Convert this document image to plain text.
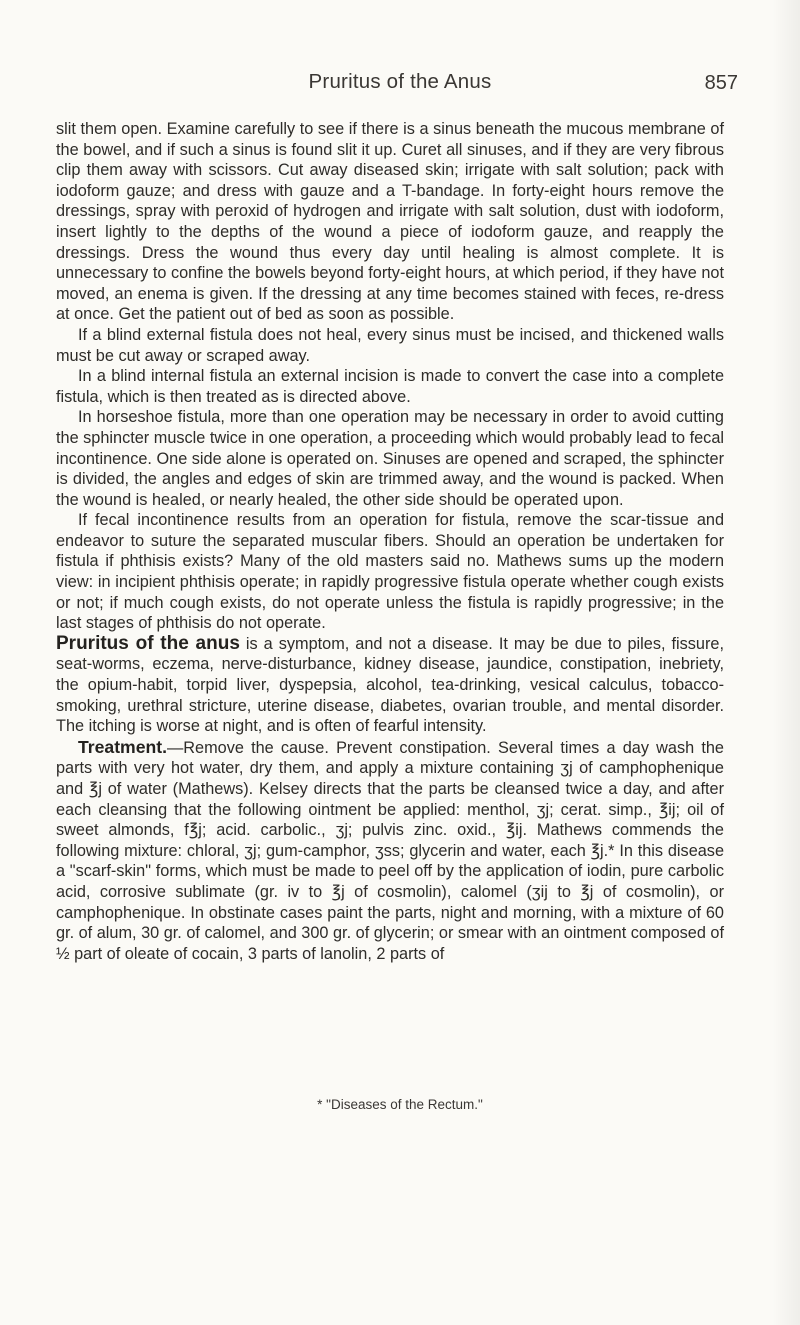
Pruritus of the Anus	857

slit them open. Examine carefully to see if there is a sinus beneath the mucous membrane of the bowel, and if such a sinus is found slit it up. Curet all sinuses, and if they are very fibrous clip them away with scissors. Cut away diseased skin; irrigate with salt solution; pack with iodoform gauze; and dress with gauze and a T-bandage. In forty-eight hours remove the dressings, spray with peroxid of hydrogen and irrigate with salt solution, dust with iodoform, insert lightly to the depths of the wound a piece of iodoform gauze, and reapply the dressings. Dress the wound thus every day until healing is almost complete. It is unnecessary to confine the bowels beyond forty-eight hours, at which period, if they have not moved, an enema is given. If the dressing at any time becomes stained with feces, re-dress at once. Get the patient out of bed as soon as possible.

If a blind external fistula does not heal, every sinus must be incised, and thickened walls must be cut away or scraped away.

In a blind internal fistula an external incision is made to convert the case into a complete fistula, which is then treated as is directed above.

In horseshoe fistula, more than one operation may be necessary in order to avoid cutting the sphincter muscle twice in one operation, a proceeding which would probably lead to fecal incontinence. One side alone is operated on. Sinuses are opened and scraped, the sphincter is divided, the angles and edges of skin are trimmed away, and the wound is packed. When the wound is healed, or nearly healed, the other side should be operated upon.

If fecal incontinence results from an operation for fistula, remove the scar-tissue and endeavor to suture the separated muscular fibers. Should an operation be undertaken for fistula if phthisis exists? Many of the old masters said no. Mathews sums up the modern view: in incipient phthisis operate; in rapidly progressive fistula operate whether cough exists or not; if much cough exists, do not operate unless the fistula is rapidly progressive; in the last stages of phthisis do not operate.

Pruritus of the anus is a symptom, and not a disease. It may be due to piles, fissure, seat-worms, eczema, nerve-disturbance, kidney disease, jaundice, constipation, inebriety, the opium-habit, torpid liver, dyspepsia, alcohol, tea-drinking, vesical calculus, tobacco-smoking, urethral stricture, uterine disease, diabetes, ovarian trouble, and mental disorder. The itching is worse at night, and is often of fearful intensity.

Treatment.—Remove the cause. Prevent constipation. Several times a day wash the parts with very hot water, dry them, and apply a mixture containing ʒj of camphophenique and ℥j of water (Mathews). Kelsey directs that the parts be cleansed twice a day, and after each cleansing that the following ointment be applied: menthol, ʒj; cerat. simp., ℥ij; oil of sweet almonds, f℥j; acid. carbolic., ʒj; pulvis zinc. oxid., ℥ij. Mathews commends the following mixture: chloral, ʒj; gum-camphor, ʒss; glycerin and water, each ℥j.* In this disease a "scarf-skin" forms, which must be made to peel off by the application of iodin, pure carbolic acid, corrosive sublimate (gr. iv to ℥j of cosmolin), calomel (ʒij to ℥j of cosmolin), or camphophenique. In obstinate cases paint the parts, night and morning, with a mixture of 60 gr. of alum, 30 gr. of calomel, and 300 gr. of glycerin; or smear with an ointment composed of ½ part of oleate of cocain, 3 parts of lanolin, 2 parts of

* "Diseases of the Rectum."
